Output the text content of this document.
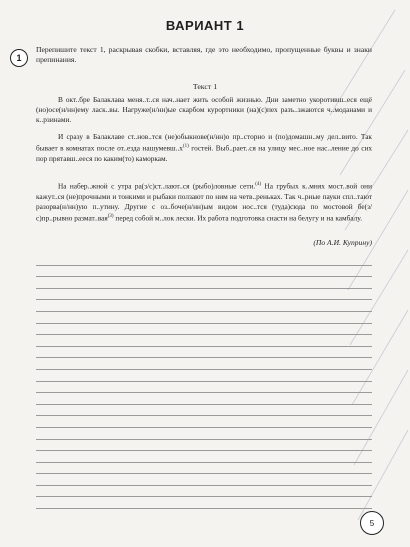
ВАРИАНТ 1
1
Перепишите текст 1, раскрывая скобки, вставляя, где это необходимо, пропущенные буквы и знаки препинания.
Текст 1
В окт..бре Балаклава меня..т..ся нач..нает жить особой жизнью. Дни заметно укоротивш..еся ещё (но)осе(н/нн)ему ласк..вы. Нагруже(н/нн)ые скарбом курортники (на)(с)пех разъ..зжаются ч..моданами и к..рзинами.
И сразу в Балаклаве ст..нов..тся (не)обыкнове(н/нн)о пр..сторно и (по)домашн..му дел..вито. Так бывает в комнатах после от..езда $нашумевш..х^{(1)}$ гостей. Выб..рает..ся на улицу мес..ное нас..ление до сих пор прятавш..ееся по каким(то) каморкам.
На набер..жной с утра ра(з/с)ст..лают..ся (рыбо)ловные сети.$^{(4)}$ На грубых к..мнях мост..вой они кажут..ся (не)прочными и тонкими и рыбаки ползают по ним на четв..реньках. Так ч..рные пауки спл..тают разорва(н/нн)ую п..утину. Другие с оз..боче(н/нн)ым видом нос..тся (туда)сюда по мостовой бе(з/с)пр..рывно размат..вая$^{(3)}$ перед собой м..лок лески. Их работа подготовка снасти на белугу и на камбалу.
(По А.И. Куприну)
5
